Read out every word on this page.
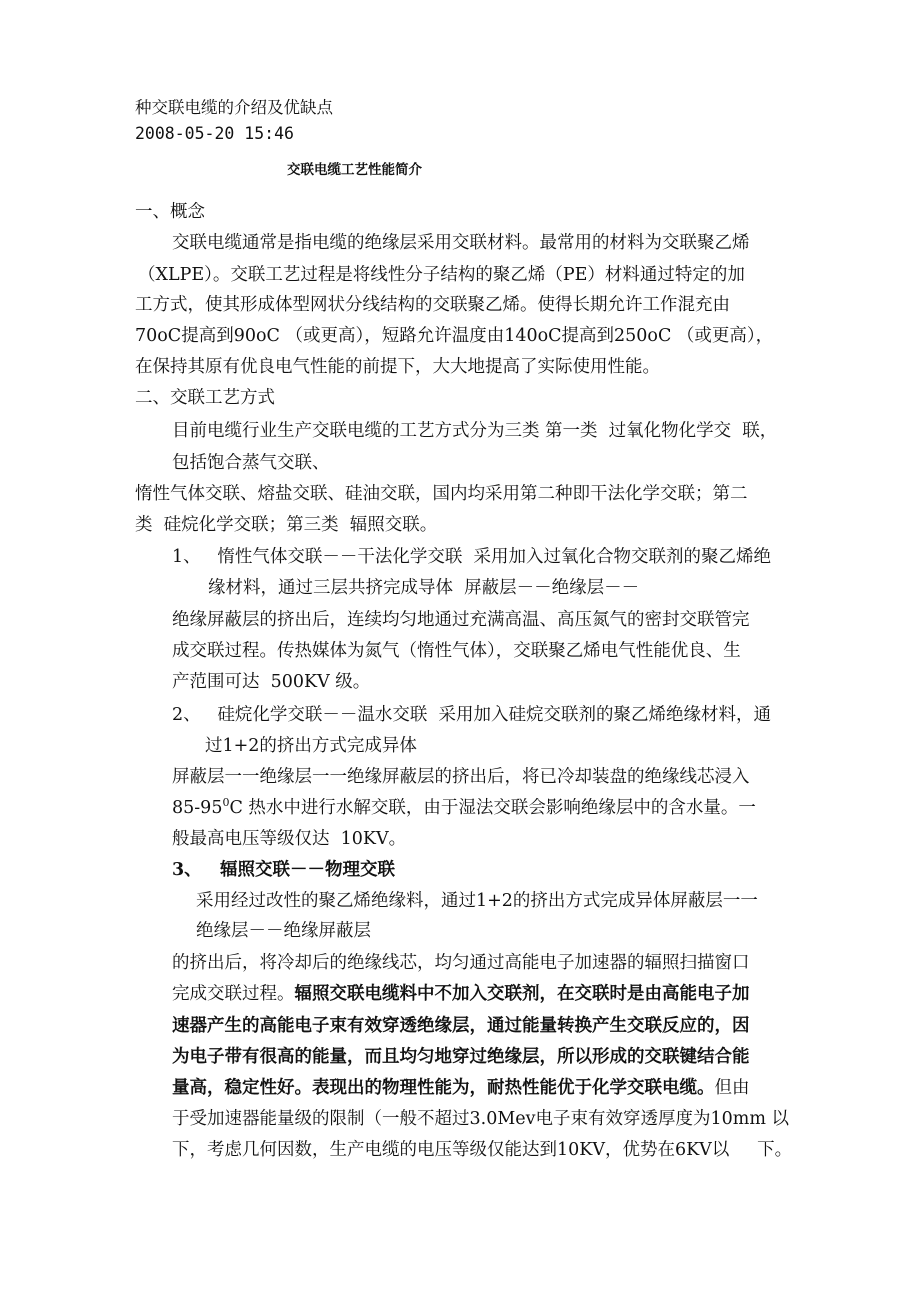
种交联电缆的介绍及优缺点
2008-05-20 15:46
交联电缆工艺性能简介
一、概念
交联电缆通常是指电缆的绝缘层采用交联材料。最常用的材料为交联聚乙烯
（XLPE）。交联工艺过程是将线性分子结构的聚乙烯（PE）材料通过特定的加
工方式，使其形成体型网状分线结构的交联聚乙烯。使得长期允许工作混充由
70oC提高到90oC （或更高），短路允许温度由140oC提高到250oC （或更高），
在保持其原有优良电气性能的前提下，大大地提高了实际使用性能。
二、交联工艺方式
目前电缆行业生产交联电缆的工艺方式分为三类 第一类  过氧化物化学交  联，
包括饱合蒸气交联、
惰性气体交联、熔盐交联、硅油交联，国内均采用第二种即干法化学交联；第二
类  硅烷化学交联；第三类  辐照交联。
1、   惰性气体交联－－干法化学交联  采用加入过氧化合物交联剂的聚乙烯绝
缘材料，通过三层共挤完成导体  屏蔽层－－绝缘层－－
绝缘屏蔽层的挤出后，连续均匀地通过充满高温、高压氮气的密封交联管完
成交联过程。传热媒体为氮气（惰性气体），交联聚乙烯电气性能优良、生
产范围可达  500KV 级。
2、   硅烷化学交联－－温水交联  采用加入硅烷交联剂的聚乙烯绝缘材料，通
过1+2的挤出方式完成异体
屏蔽层一一绝缘层一一绝缘屏蔽层的挤出后，将已冷却装盘的绝缘线芯浸入
$85-95^0C$ 热水中进行水解交联，由于湿法交联会影响绝缘层中的含水量。一
般最高电压等级仅达  10KV。
3、   辐照交联－－物理交联
采用经过改性的聚乙烯绝缘料，通过1+2的挤出方式完成异体屏蔽层一一
绝缘层－－绝缘屏蔽层
的挤出后，将冷却后的绝缘线芯，均匀通过高能电子加速器的辐照扫描窗口
完成交联过程。辐照交联电缆料中不加入交联剂，在交联时是由高能电子加
速器产生的高能电子束有效穿透绝缘层，通过能量转换产生交联反应的，因
为电子带有很高的能量，而且均匀地穿过绝缘层，所以形成的交联键结合能
量高，稳定性好。表现出的物理性能为，耐热性能优于化学交联电缆。但由
于受加速器能量级的限制（一般不超过3.0Mev电子束有效穿透厚度为10mm 以
下，考虑几何因数，生产电缆的电压等级仅能达到10KV，优势在6KV以     下。
